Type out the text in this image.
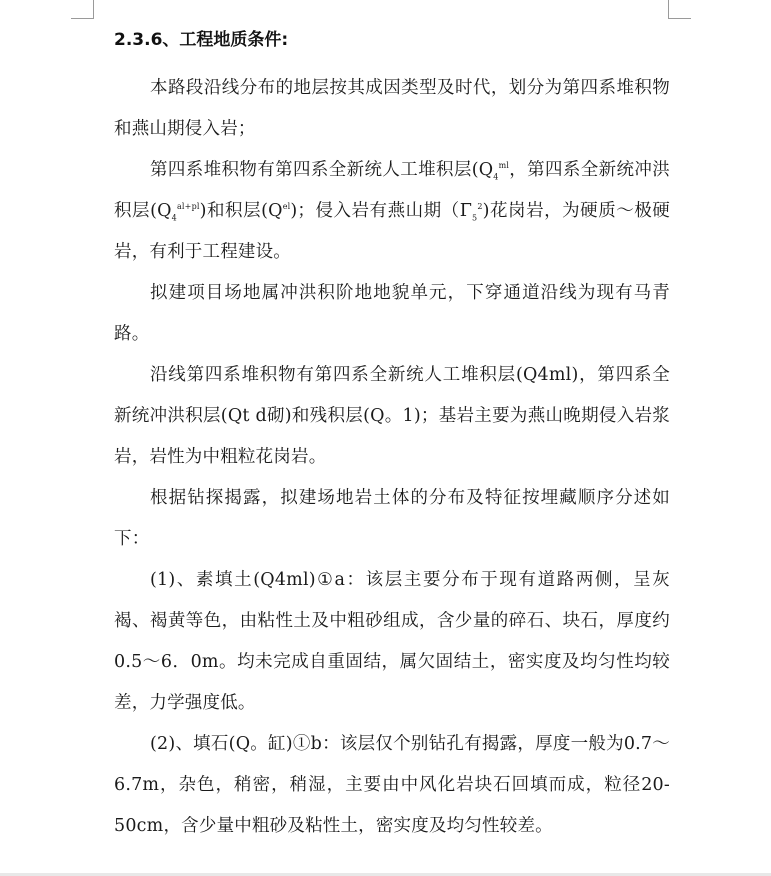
2.3.6、工程地质条件:

本路段沿线分布的地层按其成因类型及时代，划分为第四系堆积物和燕山期侵入岩；

第四系堆积物有第四系全新统人工堆积层($Q_4^{ml}$，第四系全新统冲洪积层$(Q_4^{al+pl})$和积层$(Q^{el})$；侵入岩有燕山期$(\Gamma_5^2)$花岗岩，为硬质～极硬岩，有利于工程建设。

拟建项目场地属冲洪积阶地地貌单元，下穿通道沿线为现有马青路。

沿线第四系堆积物有第四系全新统人工堆积层(Q4ml)，第四系全新统冲洪积层(Qt d砌)和残积层(Q。1)；基岩主要为燕山晚期侵入岩浆岩，岩性为中粗粒花岗岩。

根据钻探揭露，拟建场地岩土体的分布及特征按埋藏顺序分述如下：

(1)、素填土(Q4ml)①a：该层主要分布于现有道路两侧，呈灰褐、褐黄等色，由粘性土及中粗砂组成，含少量的碎石、块石，厚度约0.5～6．0m。均未完成自重固结，属欠固结土，密实度及均匀性均较差，力学强度低。

(2)、填石(Q。缸)①b：该层仅个别钻孔有揭露，厚度一般为0.7～6.7m，杂色，稍密，稍湿，主要由中风化岩块石回填而成，粒径20-50cm，含少量中粗砂及粘性土，密实度及均匀性较差。
